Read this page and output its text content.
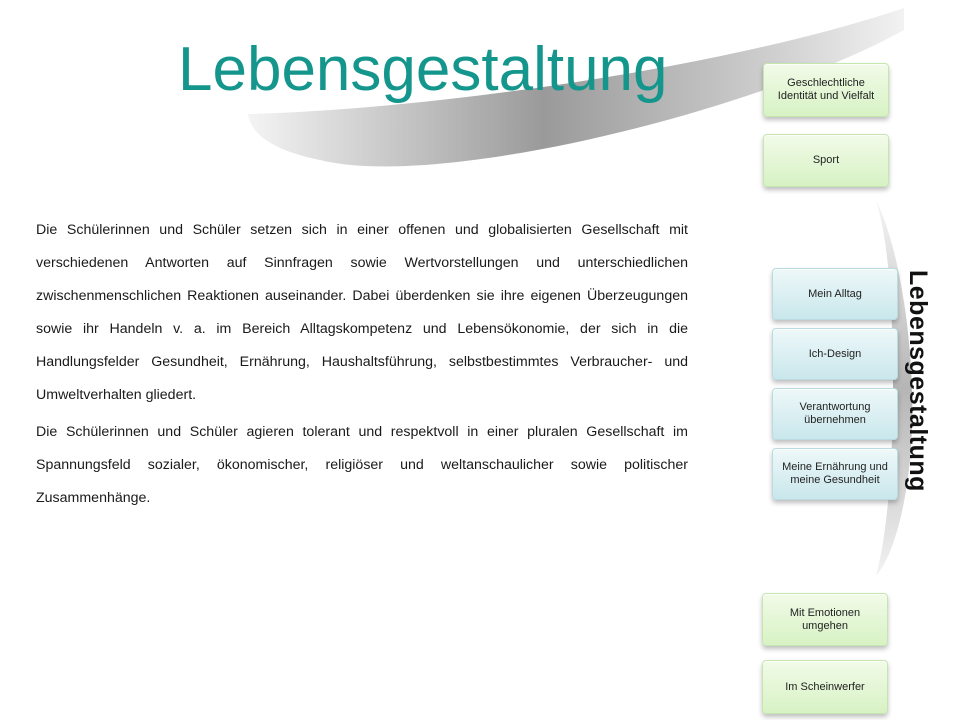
Lebensgestaltung

Die Schülerinnen und Schüler setzen sich in einer offenen und globalisierten Gesellschaft mit verschiedenen Antworten auf Sinnfragen sowie Wertvorstellungen und unterschiedlichen zwischenmenschlichen Reaktionen auseinander. Dabei überdenken sie ihre eigenen Überzeugungen sowie ihr Handeln v. a. im Bereich Alltagskompetenz und Lebensökonomie, der sich in die Handlungsfelder Gesundheit, Ernährung, Haushaltsführung, selbstbestimmtes Verbraucher- und Umweltverhalten gliedert.

Die Schülerinnen und Schüler agieren tolerant und respektvoll in einer pluralen Gesellschaft im Spannungsfeld sozialer, ökonomischer, religiöser und weltanschaulicher sowie politischer Zusammenhänge.

Lebensgestaltung
Geschlechtliche Identität und Vielfalt
Sport
Mein Alltag
Ich-Design
Verantwortung übernehmen
Meine Ernährung und meine Gesundheit
Mit Emotionen umgehen
Im Scheinwerfer
